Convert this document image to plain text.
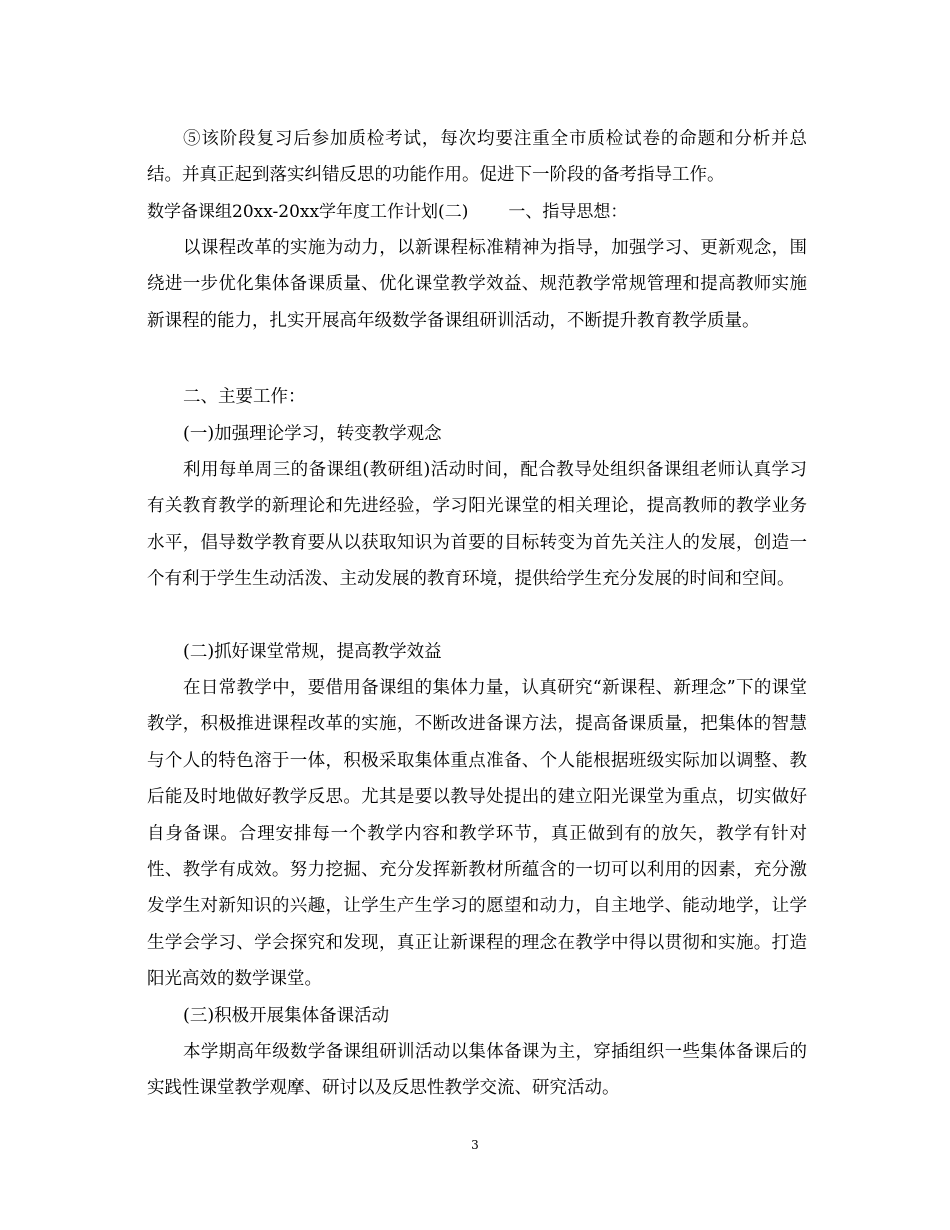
⑤该阶段复习后参加质检考试，每次均要注重全市质检试卷的命题和分析并总结。并真正起到落实纠错反思的功能作用。促进下一阶段的备考指导工作。

数学备课组20xx-20xx学年度工作计划(二) 一、指导思想：

以课程改革的实施为动力，以新课程标准精神为指导，加强学习、更新观念，围绕进一步优化集体备课质量、优化课堂教学效益、规范教学常规管理和提高教师实施新课程的能力，扎实开展高年级数学备课组研训活动，不断提升教育教学质量。

二、主要工作：
(一)加强理论学习，转变教学观念

利用每单周三的备课组(教研组)活动时间，配合教导处组织备课组老师认真学习有关教育教学的新理论和先进经验，学习阳光课堂的相关理论，提高教师的教学业务水平，倡导数学教育要从以获取知识为首要的目标转变为首先关注人的发展，创造一个有利于学生生动活泼、主动发展的教育环境，提供给学生充分发展的时间和空间。

(二)抓好课堂常规，提高教学效益

在日常教学中，要借用备课组的集体力量，认真研究“新课程、新理念”下的课堂教学，积极推进课程改革的实施，不断改进备课方法，提高备课质量，把集体的智慧与个人的特色溶于一体，积极采取集体重点准备、个人能根据班级实际加以调整、教后能及时地做好教学反思。尤其是要以教导处提出的建立阳光课堂为重点，切实做好自身备课。合理安排每一个教学内容和教学环节，真正做到有的放矢，教学有针对性、教学有成效。努力挖掘、充分发挥新教材所蕴含的一切可以利用的因素，充分激发学生对新知识的兴趣，让学生产生学习的愿望和动力，自主地学、能动地学，让学生学会学习、学会探究和发现，真正让新课程的理念在教学中得以贯彻和实施。打造阳光高效的数学课堂。

(三)积极开展集体备课活动

本学期高年级数学备课组研训活动以集体备课为主，穿插组织一些集体备课后的实践性课堂教学观摩、研讨以及反思性教学交流、研究活动。

3
